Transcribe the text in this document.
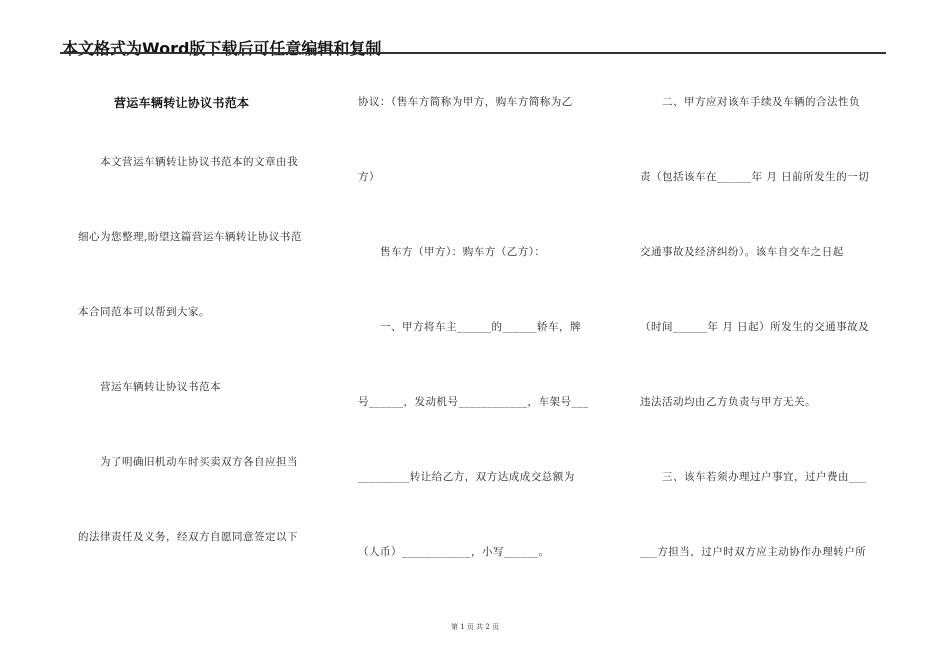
本文格式为Word版下载后可任意编辑和复制
营运车辆转让协议书范本
本文营运车辆转让协议书范本的文章由我
细心为您整理,盼望这篇营运车辆转让协议书范
本合同范本可以帮到大家。
营运车辆转让协议书范本
为了明确旧机动车时买卖双方各自应担当
的法律责任及义务，经双方自愿同意签定以下
协议：（售车方简称为甲方，购车方简称为乙
方）
售车方（甲方）：购车方（乙方）：
一、甲方将车主______的______轿车，牌
号______，发动机号____________，车架号___
_________转让给乙方，双方达成成交总额为
（人币）____________，小写______。
二、甲方应对该车手续及车辆的合法性负
责（包括该车在______年 月 日前所发生的一切
交通事故及经济纠纷）。该车自交车之日起
（时间______年 月 日起）所发生的交通事故及
违法活动均由乙方负责与甲方无关。
三、该车若须办理过户事宜，过户费由___
___方担当，过户时双方应主动协作办理转户所
第 1 页 共 2 页
